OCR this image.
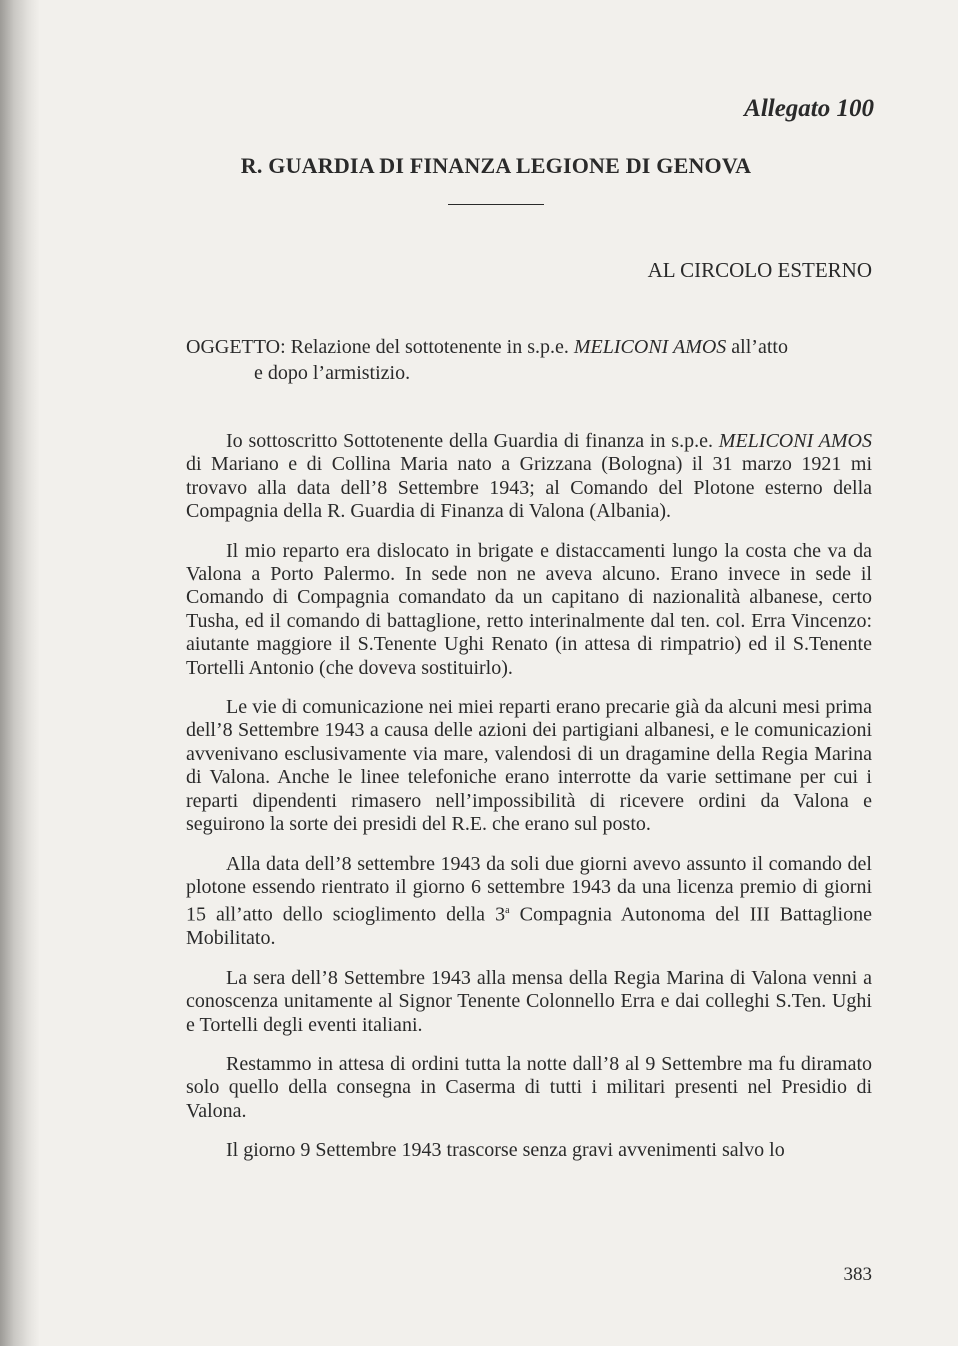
Allegato 100
R. GUARDIA DI FINANZA LEGIONE DI GENOVA
AL CIRCOLO ESTERNO
OGGETTO: Relazione del sottotenente in s.p.e. MELICONI AMOS all’atto
e dopo l’armistizio.

Io sottoscritto Sottotenente della Guardia di finanza in s.p.e. MELICONI AMOS di Mariano e di Collina Maria nato a Grizzana (Bologna) il 31 marzo 1921 mi trovavo alla data dell’8 Settembre 1943; al Comando del Plotone esterno della Compagnia della R. Guardia di Finanza di Valona (Albania).

Il mio reparto era dislocato in brigate e distaccamenti lungo la costa che va da Valona a Porto Palermo. In sede non ne aveva alcuno. Erano invece in sede il Comando di Compagnia comandato da un capitano di nazionalità albanese, certo Tusha, ed il comando di battaglione, retto interinalmente dal ten. col. Erra Vincenzo: aiutante maggiore il S.Tenente Ughi Renato (in attesa di rimpatrio) ed il S.Tenente Tortelli Antonio (che doveva sostituirlo).

Le vie di comunicazione nei miei reparti erano precarie già da alcuni mesi prima dell’8 Settembre 1943 a causa delle azioni dei partigiani albanesi, e le comunicazioni avvenivano esclusivamente via mare, valendosi di un dragamine della Regia Marina di Valona. Anche le linee telefoniche erano interrotte da varie settimane per cui i reparti dipendenti rimasero nell’impossibilità di ricevere ordini da Valona e seguirono la sorte dei presidi del R.E. che erano sul posto.

Alla data dell’8 settembre 1943 da soli due giorni avevo assunto il comando del plotone essendo rientrato il giorno 6 settembre 1943 da una licenza premio di giorni 15 all’atto dello scioglimento della 3$^a$ Compagnia Autonoma del III Battaglione Mobilitato.

La sera dell’8 Settembre 1943 alla mensa della Regia Marina di Valona venni a conoscenza unitamente al Signor Tenente Colonnello Erra e dai colleghi S.Ten. Ughi e Tortelli degli eventi italiani.

Restammo in attesa di ordini tutta la notte dall’8 al 9 Settembre ma fu diramato solo quello della consegna in Caserma di tutti i militari presenti nel Presidio di Valona.

Il giorno 9 Settembre 1943 trascorse senza gravi avvenimenti salvo lo

383
